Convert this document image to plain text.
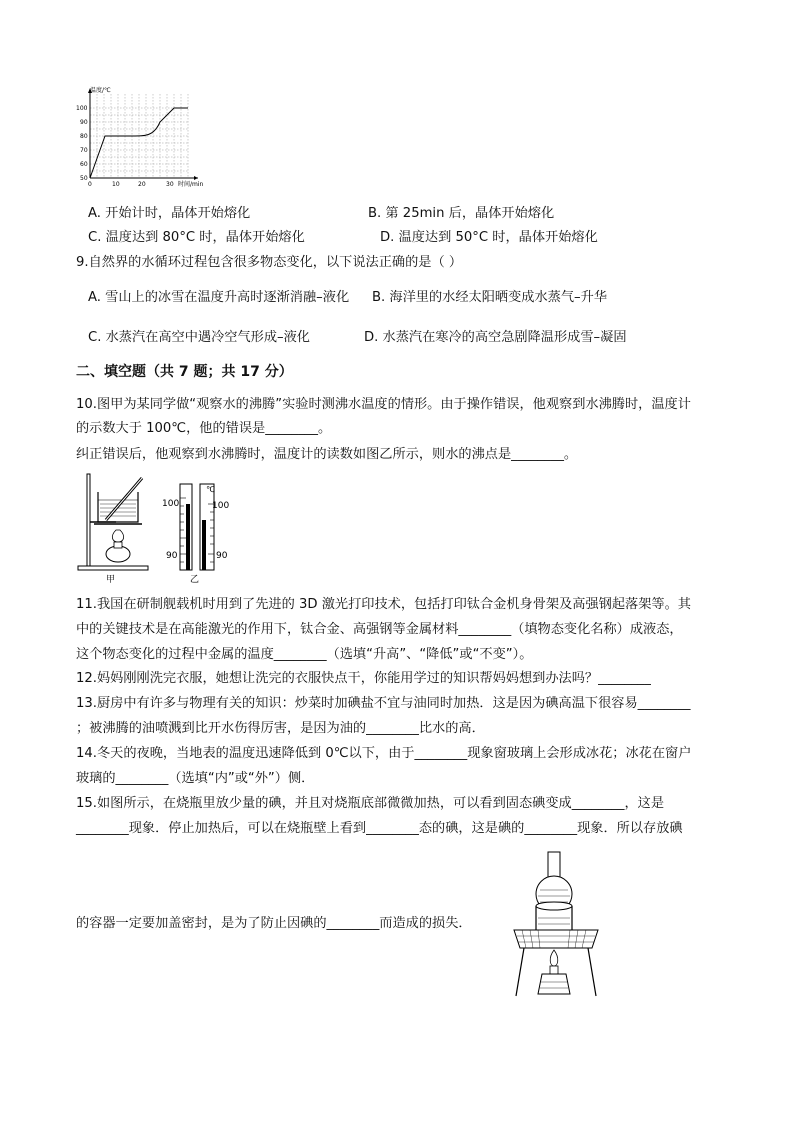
温度/℃
时间/min
100
90
80
70
60
50
0	10	20	30
A. 开始计时，晶体开始熔化	B. 第 25min 后，晶体开始熔化
C. 温度达到 80°C 时，晶体开始熔化	D. 温度达到 50°C 时，晶体开始熔化
9.自然界的水循环过程包含很多物态变化，以下说法正确的是（ ）
A. 雪山上的冰雪在温度升高时逐渐消融–液化 B. 海洋里的水经太阳晒变成水蒸气–升华
C. 水蒸汽在高空中遇冷空气形成–液化	D. 水蒸汽在寒冷的高空急剧降温形成雪–凝固
二、填空题（共 7 题；共 17 分）
10.图甲为某同学做“观察水的沸腾”实验时测沸水温度的情形。由于操作错误，他观察到水沸腾时，温度计
的示数大于 100℃，他的错误是________。
纠正错误后，他观察到水沸腾时，温度计的读数如图乙所示，则水的沸点是________。
甲
℃
100
90
100
90
乙
11.我国在研制舰载机时用到了先进的 3D 激光打印技术，包括打印钛合金机身骨架及高强钢起落架等。其
中的关键技术是在高能激光的作用下，钛合金、高强钢等金属材料________（填物态变化名称）成液态，
这个物态变化的过程中金属的温度________（选填“升高”、“降低”或“不变”）。
12.妈妈刚刚洗完衣服，她想让洗完的衣服快点干，你能用学过的知识帮妈妈想到办法吗？________
13.厨房中有许多与物理有关的知识：炒菜时加碘盐不宜与油同时加热．这是因为碘高温下很容易________
；被沸腾的油喷溅到比开水伤得厉害，是因为油的________比水的高．
14.冬天的夜晚，当地表的温度迅速降低到 0℃以下，由于________现象窗玻璃上会形成冰花；冰花在窗户
玻璃的________（选填“内”或“外”）侧．
15.如图所示，在烧瓶里放少量的碘，并且对烧瓶底部微微加热，可以看到固态碘变成________，这是
________现象．停止加热后，可以在烧瓶壁上看到________态的碘，这是碘的________现象．所以存放碘
的容器一定要加盖密封，是为了防止因碘的________而造成的损失．
